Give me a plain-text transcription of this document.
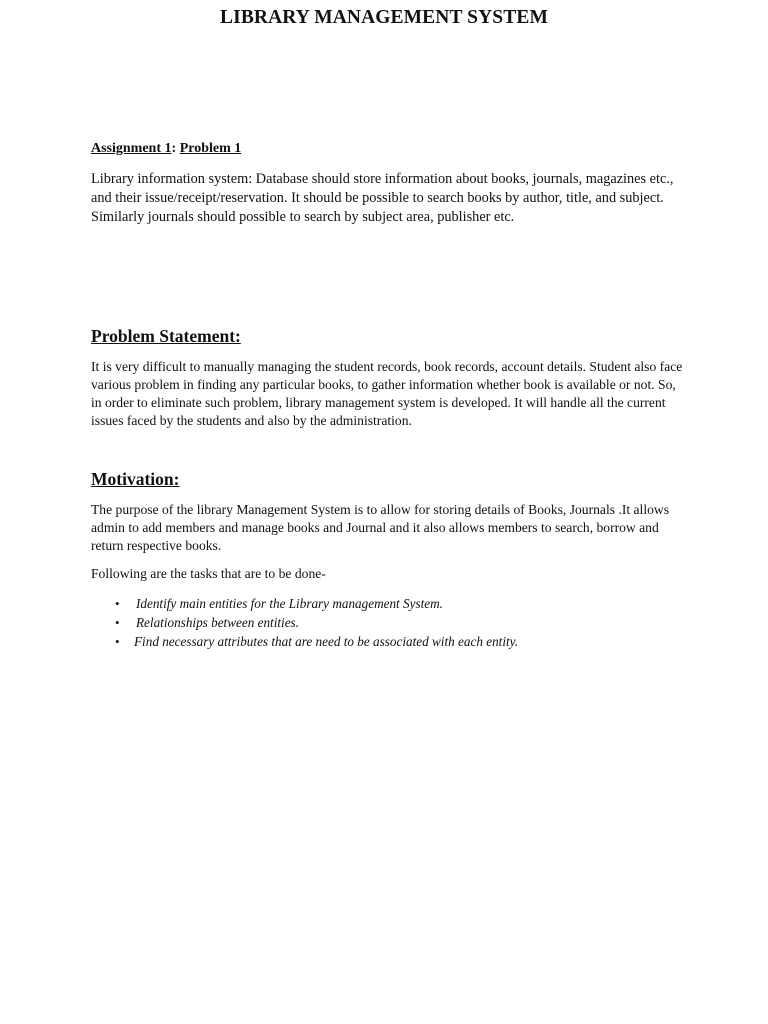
LIBRARY MANAGEMENT SYSTEM

Assignment 1: Problem 1

Library information system: Database should store information about books, journals, magazines etc., and their issue/receipt/reservation. It should be possible to search books by author, title, and subject. Similarly journals should possible to search by subject area, publisher etc.

Problem Statement:

It is very difficult to manually managing the student records, book records, account details. Student also face various problem in finding any particular books, to gather information whether book is available or not. So, in order to eliminate such problem, library management system is developed. It will handle all the current issues faced by the students and also by the administration.

Motivation:

The purpose of the library Management System is to allow for storing details of Books, Journals .It allows admin to add members and manage books and Journal and it also allows members to search, borrow and return respective books.

Following are the tasks that are to be done-

• Identify main entities for the Library management System.
• Relationships between entities.
• Find necessary attributes that are need to be associated with each entity.
